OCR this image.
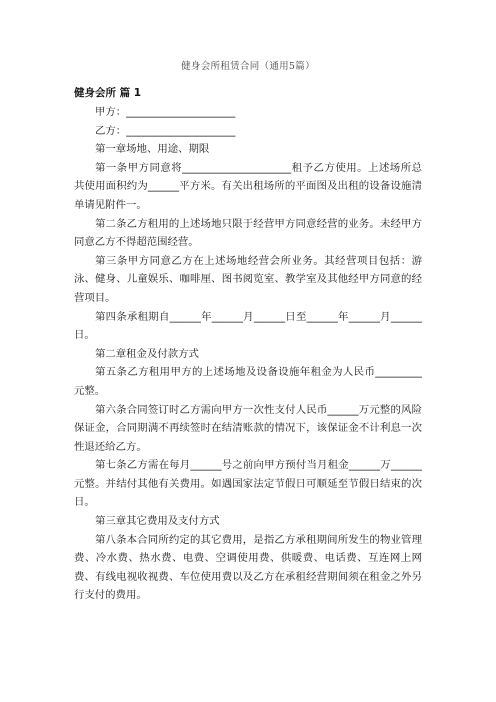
健身会所租赁合同（通用5篇）
健身会所 篇 1

甲方：_____________________

乙方：_____________________

第一章场地、用途、期限

第一条甲方同意将_____________________租予乙方使用。上述场所总共使用面积约为______平方米。有关出租场所的平面图及出租的设备设施清单请见附件一。

第二条乙方租用的上述场地只限于经营甲方同意经营的业务。未经甲方同意乙方不得超范围经营。

第三条甲方同意乙方在上述场地经营会所业务。其经营项目包括：游泳、健身、儿童娱乐、咖啡厘、图书阅览室、教学室及其他经甲方同意的经营项目。

第四条承租期自______年______月______日至______年______月______日。

第二章租金及付款方式

第五条乙方租用甲方的上述场地及设备设施年租金为人民币_________元整。

第六条合同签订时乙方需向甲方一次性支付人民币______万元整的风险保证金，合同期满不再续签时在结清账款的情况下，该保证金不计利息一次性退还给乙方。

第七条乙方需在每月______号之前向甲方预付当月租金______万______元整。并结付其他有关费用。如遇国家法定节假日可顺延至节假日结束的次日。

第三章其它费用及支付方式

第八条本合同所约定的其它费用，是指乙方承租期间所发生的物业管理费、冷水费、热水费、电费、空调使用费、供暖费、电话费、互连网上网费、有线电视收视费、车位使用费以及乙方在承租经营期间须在租金之外另行支付的费用。
